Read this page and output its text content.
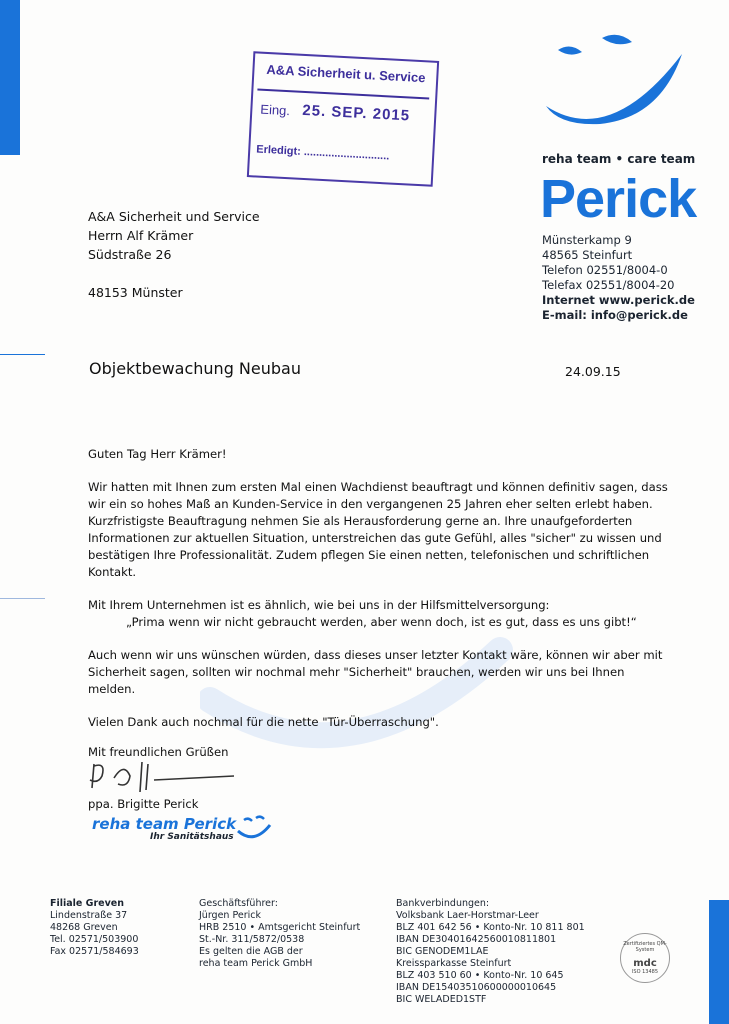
A&A Sicherheit u. Service
Eing. 25. SEP. 2015
Erledigt: ............................	reha team • care team
Perick
Münsterkamp 9
48565 Steinfurt
Telefon 02551/8004-0
Telefax 02551/8004-20
Internet www.perick.de
E-mail: info@perick.de
A&A Sicherheit und Service
Herrn Alf Krämer
Südstraße 26
48153 Münster
Objektbewachung Neubau	24.09.15

Guten Tag Herr Krämer!

Wir hatten mit Ihnen zum ersten Mal einen Wachdienst beauftragt und können definitiv sagen, dass wir ein so hohes Maß an Kunden-Service in den vergangenen 25 Jahren eher selten erlebt haben. Kurzfristigste Beauftragung nehmen Sie als Herausforderung gerne an. Ihre unaufgeforderten Informationen zur aktuellen Situation, unterstreichen das gute Gefühl, alles "sicher" zu wissen und bestätigen Ihre Professionalität. Zudem pflegen Sie einen netten, telefonischen und schriftlichen Kontakt.

Mit Ihrem Unternehmen ist es ähnlich, wie bei uns in der Hilfsmittelversorgung:

„Prima wenn wir nicht gebraucht werden, aber wenn doch, ist es gut, dass es uns gibt!“

Auch wenn wir uns wünschen würden, dass dieses unser letzter Kontakt wäre, können wir aber mit Sicherheit sagen, sollten wir nochmal mehr "Sicherheit" brauchen, werden wir uns bei Ihnen melden.

Vielen Dank auch nochmal für die nette "Tür-Überraschung".

Mit freundlichen Grüßen
ppa. Brigitte Perick
reha team Perick
Ihr Sanitätshaus
Filiale Greven
Lindenstraße 37
48268 Greven
Tel. 02571/503900
Fax 02571/584693
Geschäftsführer:
Jürgen Perick
HRB 2510 • Amtsgericht Steinfurt
St.-Nr. 311/5872/0538
Es gelten die AGB der
reha team Perick GmbH
Bankverbindungen:
Volksbank Laer-Horstmar-Leer
BLZ 401 642 56 • Konto-Nr. 10 811 801
IBAN DE30401642560010811801
BIC GENODEM1LAE
Kreissparkasse Steinfurt
BLZ 403 510 60 • Konto-Nr. 10 645
IBAN DE15403510600000010645
BIC WELADED1STF
Zertifiziertes QM-System
mdc
ISO 13485
